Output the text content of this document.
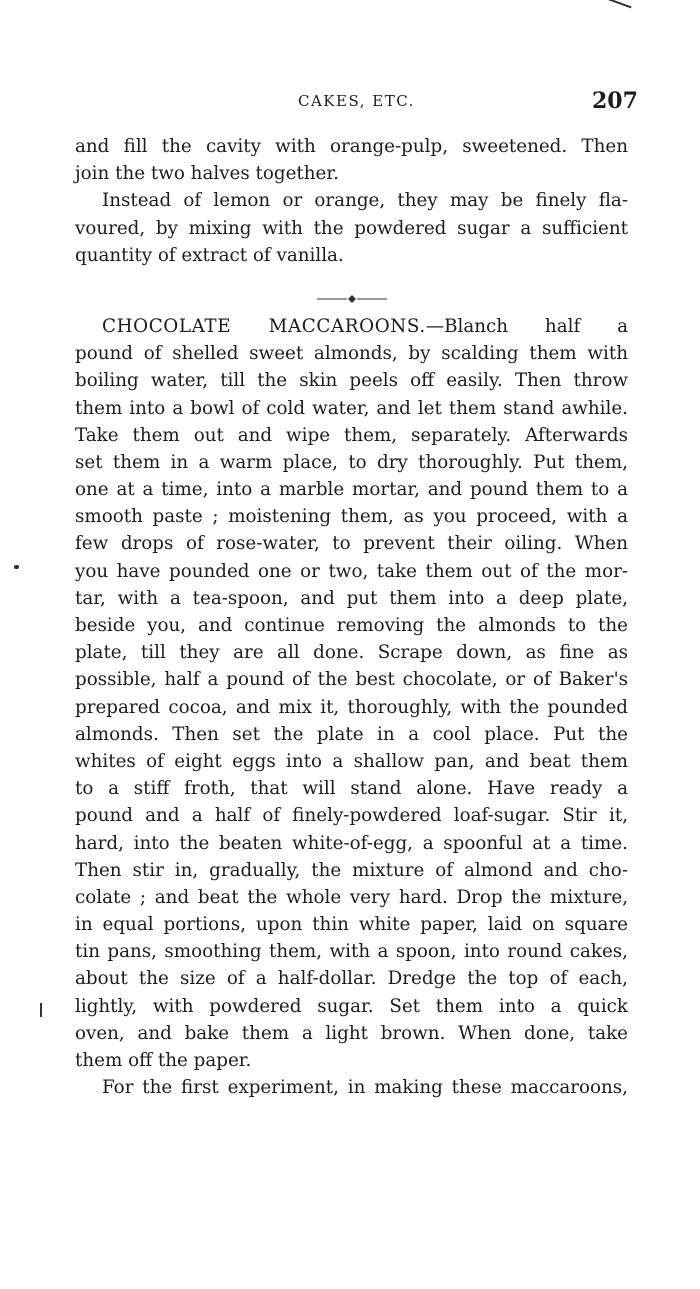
CAKES, ETC.	207
and fill the cavity with orange-pulp, sweetened. Then
join the two halves together.
Instead of lemon or orange, they may be finely fla-
voured, by mixing with the powdered sugar a sufficient
quantity of extract of vanilla.
CHOCOLATE MACCAROONS.—Blanch half a
pound of shelled sweet almonds, by scalding them with
boiling water, till the skin peels off easily. Then throw
them into a bowl of cold water, and let them stand awhile.
Take them out and wipe them, separately. Afterwards
set them in a warm place, to dry thoroughly. Put them,
one at a time, into a marble mortar, and pound them to a
smooth paste ; moistening them, as you proceed, with a
few drops of rose-water, to prevent their oiling. When
you have pounded one or two, take them out of the mor-
tar, with a tea-spoon, and put them into a deep plate,
beside you, and continue removing the almonds to the
plate, till they are all done. Scrape down, as fine as
possible, half a pound of the best chocolate, or of Baker's
prepared cocoa, and mix it, thoroughly, with the pounded
almonds. Then set the plate in a cool place. Put the
whites of eight eggs into a shallow pan, and beat them
to a stiff froth, that will stand alone. Have ready a
pound and a half of finely-powdered loaf-sugar. Stir it,
hard, into the beaten white-of-egg, a spoonful at a time.
Then stir in, gradually, the mixture of almond and cho-
colate ; and beat the whole very hard. Drop the mixture,
in equal portions, upon thin white paper, laid on square
tin pans, smoothing them, with a spoon, into round cakes,
about the size of a half-dollar. Dredge the top of each,
lightly, with powdered sugar. Set them into a quick
oven, and bake them a light brown. When done, take
them off the paper.
For the first experiment, in making these maccaroons,
